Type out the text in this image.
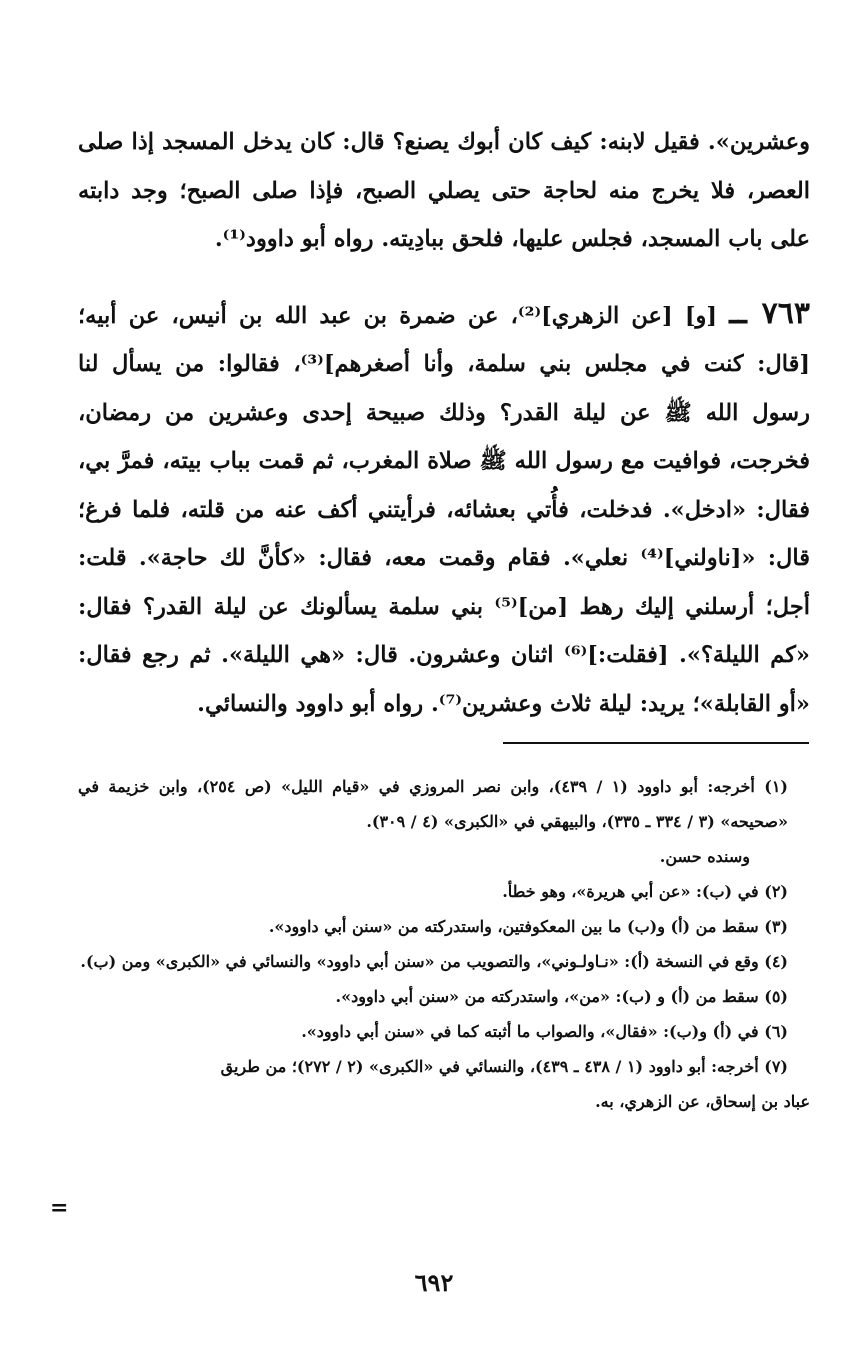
وعشرين». فقيل لابنه: كيف كان أبوك يصنع؟ قال: كان يدخل المسجد إذا صلى العصر، فلا يخرج منه لحاجة حتى يصلي الصبح، فإذا صلى الصبح؛ وجد دابته على باب المسجد، فجلس عليها، فلحق ببادِيته. رواه أبو داوود⁽¹⁾.

٧٦٣ ــ [و] [عن الزهري]⁽²⁾، عن ضمرة بن عبد الله بن أنيس، عن أبيه؛ [قال: كنت في مجلس بني سلمة، وأنا أصغرهم]⁽³⁾، فقالوا: من يسأل لنا رسول الله ﷺ عن ليلة القدر؟ وذلك صبيحة إحدى وعشرين من رمضان، فخرجت، فوافيت مع رسول الله ﷺ صلاة المغرب، ثم قمت بباب بيته، فمرَّ بي، فقال: «ادخل». فدخلت، فأُتي بعشائه، فرأيتني أكف عنه من قلته، فلما فرغ؛ قال: «[ناولني]⁽⁴⁾ نعلي». فقام وقمت معه، فقال: «كأنَّ لك حاجة». قلت: أجل؛ أرسلني إليك رهط [من]⁽⁵⁾ بني سلمة يسألونك عن ليلة القدر؟ فقال: «كم الليلة؟». [فقلت:]⁽⁶⁾ اثنان وعشرون. قال: «هي الليلة». ثم رجع فقال: «أو القابلة»؛ يريد: ليلة ثلاث وعشرين⁽⁷⁾. رواه أبو داوود والنسائي.

(١) أخرجه: أبو داوود (١ / ٤٣٩)، وابن نصر المروزي في «قيام الليل» (ص ٢٥٤)، وابن خزيمة في «صحيحه» (٣ / ٣٣٤ ـ ٣٣٥)، والبيهقي في «الكبرى» (٤ / ٣٠٩).

وسنده حسن.

(٢) في (ب): «عن أبي هريرة»، وهو خطأ.

(٣) سقط من (أ) و(ب) ما بين المعكوفتين، واستدركته من «سنن أبي داوود».

(٤) وقع في النسخة (أ): «نـاولـوني»، والتصويب من «سنن أبي داوود» والنسائي في «الكبرى» ومن (ب).

(٥) سقط من (أ) و (ب): «من»، واستدركته من «سنن أبي داوود».

(٦) في (أ) و(ب): «فقال»، والصواب ما أثبته كما في «سنن أبي داوود».

(٧) أخرجه: أبو داوود (١ / ٤٣٨ ـ ٤٣٩)، والنسائي في «الكبرى» (٢ / ٢٧٢)؛ من طريق

عباد بن إسحاق، عن الزهري، به.

=
٦٩٢
